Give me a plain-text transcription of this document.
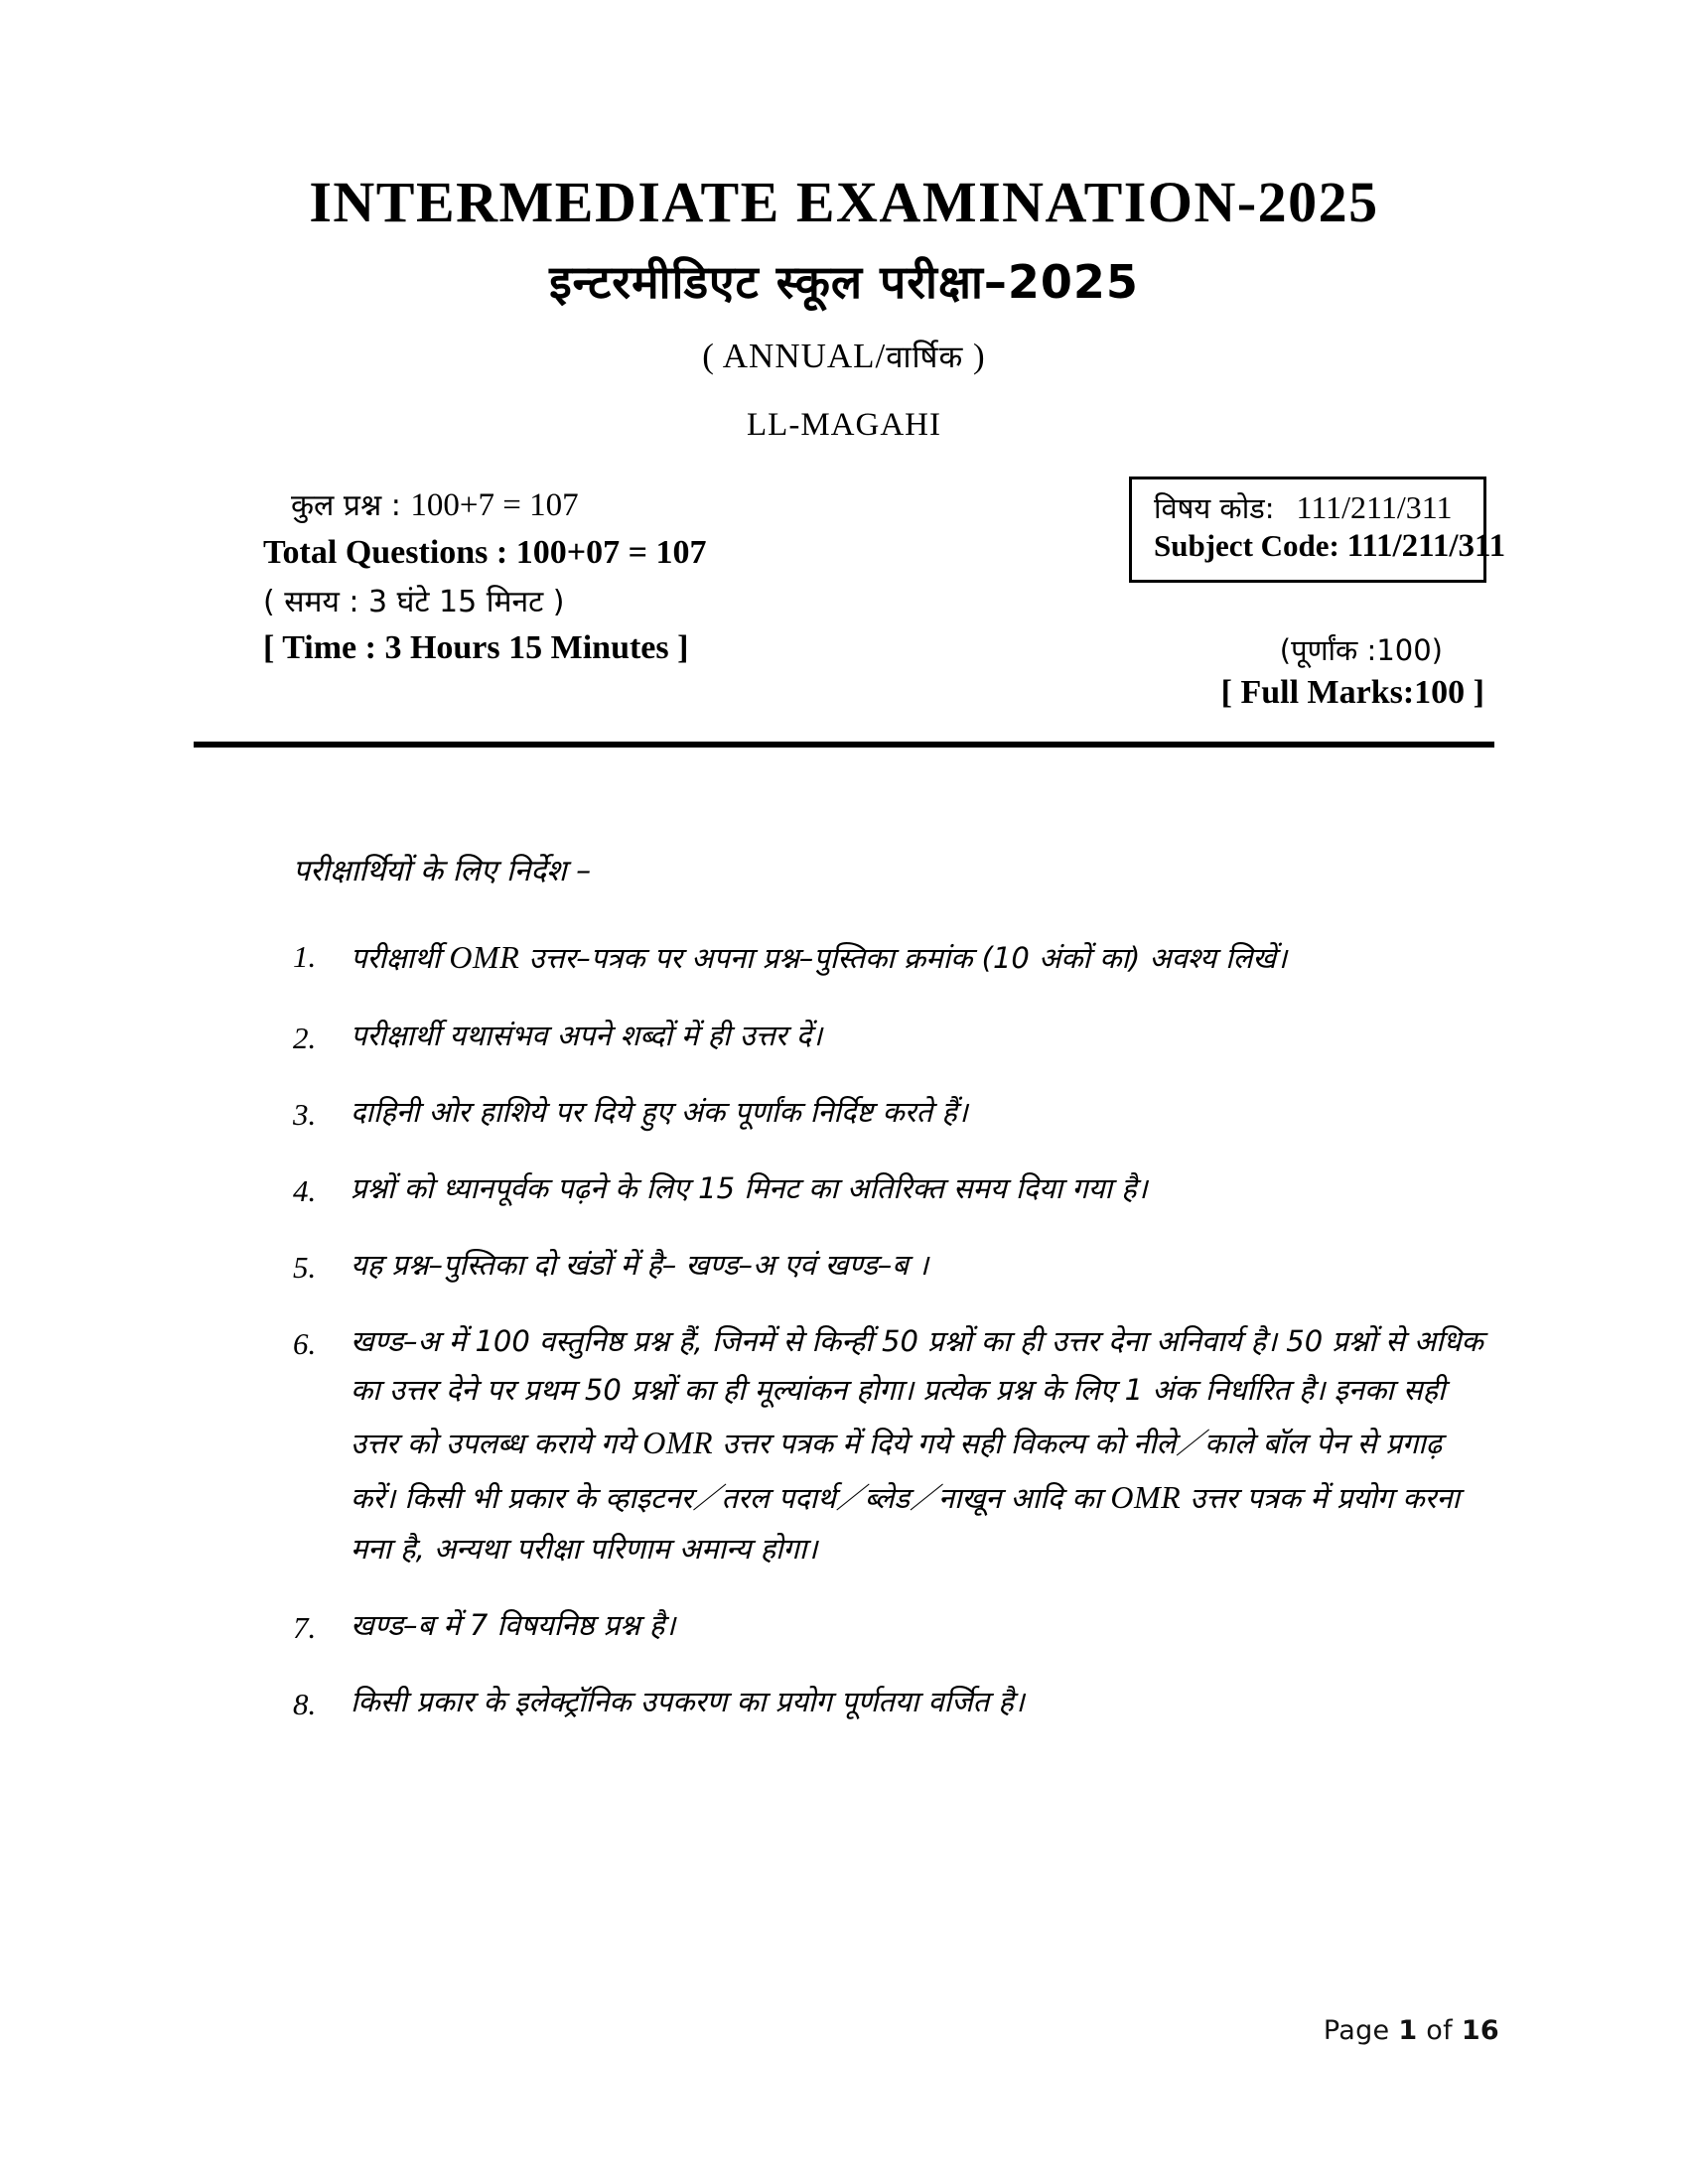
INTERMEDIATE EXAMINATION-2025
इन्टरमीडिएट स्कूल परीक्षा–2025
( ANNUAL/वार्षिक )
LL-MAGAHI
कुल प्रश्न : 100+7 = 107
Total Questions : 100+07 = 107
( समय : 3 घंटे 15 मिनट )
[ Time : 3 Hours 15 Minutes ]
विषय कोड: 111/211/311
Subject Code: 111/211/311
(पूर्णांक :100)
[ Full Marks:100 ]
परीक्षार्थियों के लिए निर्देश –
1. परीक्षार्थी OMR उत्तर–पत्रक पर अपना प्रश्न–पुस्तिका क्रमांक (10 अंकों का) अवश्य लिखें।
2. परीक्षार्थी यथासंभव अपने शब्दों में ही उत्तर दें।
3. दाहिनी ओर हाशिये पर दिये हुए अंक पूर्णांक निर्दिष्ट करते हैं।
4. प्रश्नों को ध्यानपूर्वक पढ़ने के लिए 15 मिनट का अतिरिक्त समय दिया गया है।
5. यह प्रश्न–पुस्तिका दो खंडों में है– खण्ड–अ एवं खण्ड–ब ।
6. खण्ड–अ में 100 वस्तुनिष्ठ प्रश्न हैं, जिनमें से किन्हीं 50 प्रश्नों का ही उत्तर देना अनिवार्य है। 50 प्रश्नों से अधिक का उत्तर देने पर प्रथम 50 प्रश्नों का ही मूल्यांकन होगा। प्रत्येक प्रश्न के लिए 1 अंक निर्धारित है। इनका सही उत्तर को उपलब्ध कराये गये OMR उत्तर पत्रक में दिये गये सही विकल्प को नीले／काले बॉल पेन से प्रगाढ़ करें। किसी भी प्रकार के व्हाइटनर／तरल पदार्थ／ब्लेड／नाखून आदि का OMR उत्तर पत्रक में प्रयोग करना मना है, अन्यथा परीक्षा परिणाम अमान्य होगा।
7. खण्ड–ब में 7 विषयनिष्ठ प्रश्न है।
8. किसी प्रकार के इलेक्ट्रॉनिक उपकरण का प्रयोग पूर्णतया वर्जित है।
Page 1 of 16
